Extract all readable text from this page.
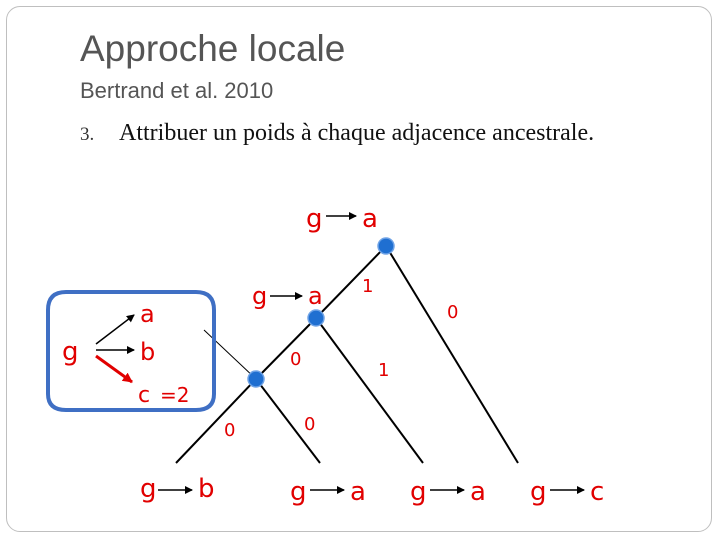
Approche locale
Bertrand et al. 2010
3. Attribuer un poids à chaque adjacence ancestrale.
g
a
b
c =2
g a
g a
g b	g a g a g c
1
0
0
1
0	0
